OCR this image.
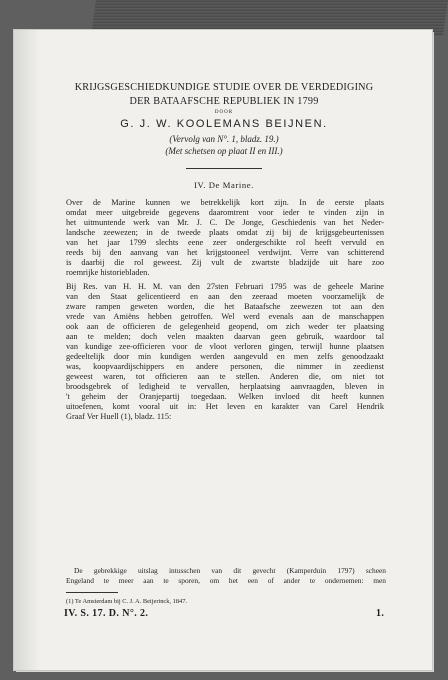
KRIJGSGESCHIEDKUNDIGE STUDIE OVER DE VERDEDIGING
DER BATAAFSCHE REPUBLIEK IN 1799
DOOR
G. J. W. KOOLEMANS BEIJNEN.
(Vervolg van N°. 1, bladz. 19.)
(Met schetsen op plaat II en III.)
IV. De Marine.
Over de Marine kunnen we betrekkelijk kort zijn. In de eerste plaats
omdat meer uitgebreide gegevens daaromtrent voor ieder te vinden zijn in
het uitmuntende werk van Mr. J. C. De Jonge, Geschiedenis van het Neder-
landsche zeewezen; in de tweede plaats omdat zij bij de krijgsgebeurtenissen
van het jaar 1799 slechts eene zeer ondergeschikte rol heeft vervuld en
reeds bij den aanvang van het krijgstooneel verdwijnt. Verre van schitterend
is daarbij die rol geweest. Zij vult de zwartste bladzijde uit hare zoo
roemrijke historiebladen.
Bij Res. van H. H. M. van den 27sten Februari 1795 was de geheele Marine
van den Staat gelicentieerd en aan den zeeraad moeten voorzamelijk de
zware rampen geweten worden, die het Bataafsche zeewezen tot aan den
vrede van Amiëns hebben getroffen. Wel werd evenals aan de manschappen
ook aan de officieren de gelegenheid geopend, om zich weder ter plaatsing
aan te melden; doch velen maakten daarvan geen gebruik, waardoor tal
van kundige zee-officieren voor de vloot verloren gingen, terwijl hunne plaatsen
gedeeltelijk door min kundigen werden aangevuld en men zelfs genoodzaakt
was, koopvaardijschippers en andere personen, die nimmer in zeedienst
geweest waren, tot officieren aan te stellen. Anderen die, om niet tot
broodsgebrek of ledigheid te vervallen, herplaatsing aanvraagden, bleven in
't geheim der Oranjepartij toegedaan. Welken invloed dit heeft kunnen
uitoefenen, komt vooral uit in: Het leven en karakter van Carel Hendrik
Graaf Ver Huell (1), bladz. 115:
De gebrekkige uitslag intusschen van dit gevecht (Kamperduin 1797) scheen
Engeland te meer aan te sporen, om het een of ander te ondernemen: men
(1) Te Amsterdam bij C. J. A. Beijerinck, 1847.
IV. S. 17. D. N°. 2.	1.
